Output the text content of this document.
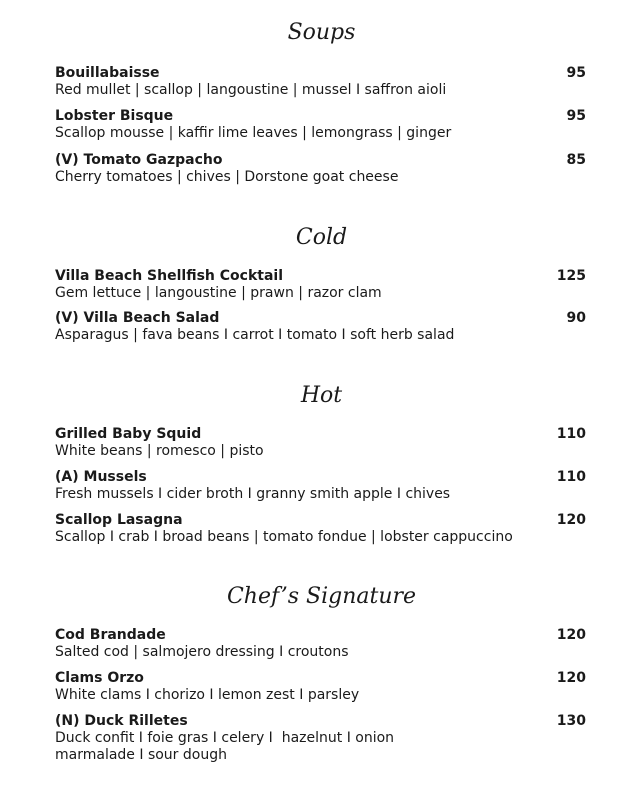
Soups
Bouillabaisse	95
Red mullet | scallop | langoustine | mussel I saffron aioli
Lobster Bisque	95
Scallop mousse | kaffir lime leaves | lemongrass | ginger
(V) Tomato Gazpacho	85
Cherry tomatoes | chives | Dorstone goat cheese
Cold
Villa Beach Shellfish Cocktail	125
Gem lettuce | langoustine | prawn | razor clam
(V) Villa Beach Salad	90
Asparagus | fava beans I carrot I tomato I soft herb salad
Hot
Grilled Baby Squid	110
White beans | romesco | pisto
(A) Mussels	110
Fresh mussels I cider broth I granny smith apple I chives
Scallop Lasagna	120
Scallop I crab I broad beans | tomato fondue | lobster cappuccino
Chef’s Signature
Cod Brandade	120
Salted cod | salmojero dressing I croutons
Clams Orzo	120
White clams I chorizo I lemon zest I parsley
(N) Duck Rilletes	130
Duck confit I foie gras I celery I  hazelnut I onion
marmalade I sour dough
